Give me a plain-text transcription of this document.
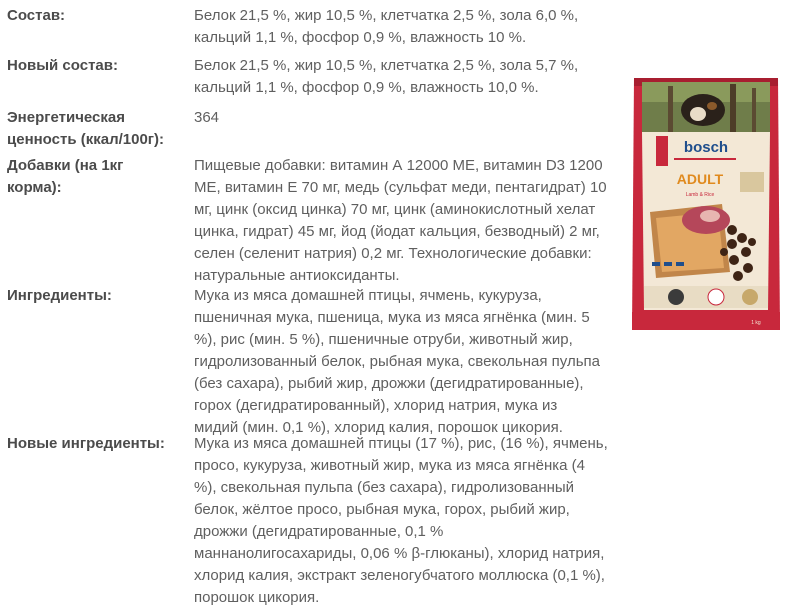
Состав:	Белок 21,5 %, жир 10,5 %, клетчатка 2,5 %, зола 6,0 %,
кальций 1,1 %, фосфор 0,9 %, влажность 10 %.
Новый состав:	Белок 21,5 %, жир 10,5 %, клетчатка 2,5 %, зола 5,7 %,
кальций 1,1 %, фосфор 0,9 %, влажность 10,0 %.
Энергетическая
ценность (ккал/100г):
364
Добавки (на 1кг
корма):
Пищевые добавки: витамин А 12000 МЕ, витамин D3 1200
МЕ, витамин Е 70 мг, медь (сульфат меди, пентагидрат) 10
мг, цинк (оксид цинка) 70 мг, цинк (аминокислотный хелат
цинка, гидрат) 45 мг, йод (йодат кальция, безводный) 2 мг,
селен (селенит натрия) 0,2 мг. Технологические добавки:
натуральные антиоксиданты.
Ингредиенты:	Мука из мяса домашней птицы, ячмень, кукуруза,
пшеничная мука, пшеница, мука из мяса ягнёнка (мин. 5
%), рис (мин. 5 %), пшеничные отруби, животный жир,
гидролизованный белок, рыбная мука, свекольная пульпа
(без сахара), рыбий жир, дрожжи (дегидратированные),
горох (дегидратированный), хлорид натрия, мука из
мидий (мин. 0,1 %), хлорид калия, порошок цикория.
Новые ингредиенты:	Мука из мяса домашней птицы (17 %), рис, (16 %), ячмень,
просо, кукуруза, животный жир, мука из мяса ягнёнка (4
%), свекольная пульпа (без сахара), гидролизованный
белок, жёлтое просо, рыбная мука, горох, рыбий жир,
дрожжи (дегидратированные, 0,1 %
маннанолигосахариды, 0,06 % β-глюканы), хлорид натрия,
хлорид калия, экстракт зеленогубчатого моллюска (0,1 %),
порошок цикория.
bosch
ADULT
Lamb & Rice
1 kg
